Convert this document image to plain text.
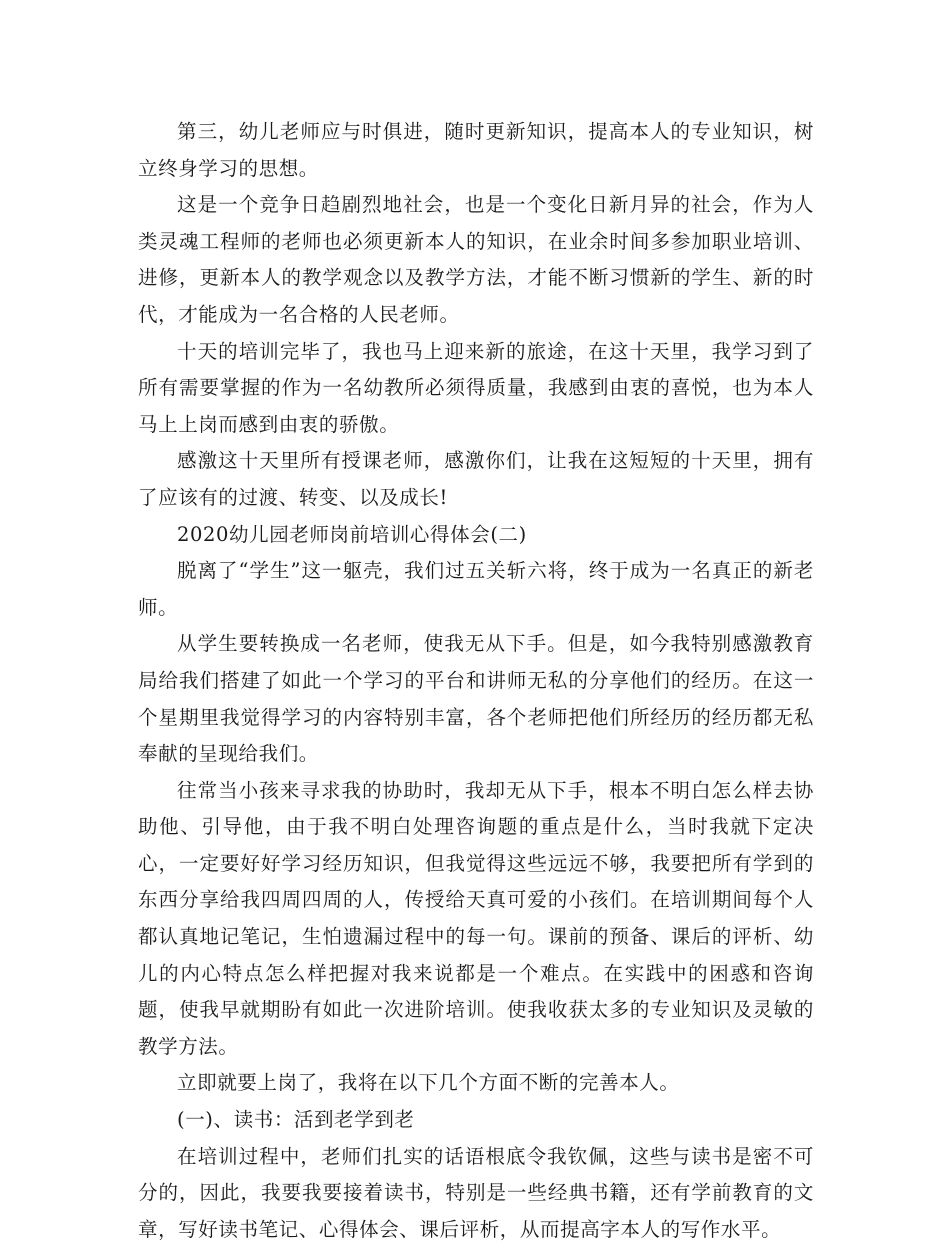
第三，幼儿老师应与时俱进，随时更新知识，提高本人的专业知识，树立终身学习的思想。

这是一个竞争日趋剧烈地社会，也是一个变化日新月异的社会，作为人类灵魂工程师的老师也必须更新本人的知识，在业余时间多参加职业培训、进修，更新本人的教学观念以及教学方法，才能不断习惯新的学生、新的时代，才能成为一名合格的人民老师。

十天的培训完毕了，我也马上迎来新的旅途，在这十天里，我学习到了所有需要掌握的作为一名幼教所必须得质量，我感到由衷的喜悦，也为本人马上上岗而感到由衷的骄傲。

感激这十天里所有授课老师，感激你们，让我在这短短的十天里，拥有了应该有的过渡、转变、以及成长!

2020幼儿园老师岗前培训心得体会(二)

脱离了“学生”这一躯壳，我们过五关斩六将，终于成为一名真正的新老师。

从学生要转换成一名老师，使我无从下手。但是，如今我特别感激教育局给我们搭建了如此一个学习的平台和讲师无私的分享他们的经历。在这一个星期里我觉得学习的内容特别丰富，各个老师把他们所经历的经历都无私奉献的呈现给我们。

往常当小孩来寻求我的协助时，我却无从下手，根本不明白怎么样去协助他、引导他，由于我不明白处理咨询题的重点是什么，当时我就下定决心，一定要好好学习经历知识，但我觉得这些远远不够，我要把所有学到的东西分享给我四周四周的人，传授给天真可爱的小孩们。在培训期间每个人都认真地记笔记，生怕遗漏过程中的每一句。课前的预备、课后的评析、幼儿的内心特点怎么样把握对我来说都是一个难点。在实践中的困惑和咨询题，使我早就期盼有如此一次进阶培训。使我收获太多的专业知识及灵敏的教学方法。

立即就要上岗了，我将在以下几个方面不断的完善本人。

(一)、读书：活到老学到老

在培训过程中，老师们扎实的话语根底令我钦佩，这些与读书是密不可分的，因此，我要我要接着读书，特别是一些经典书籍，还有学前教育的文章，写好读书笔记、心得体会、课后评析，从而提高字本人的写作水平。
